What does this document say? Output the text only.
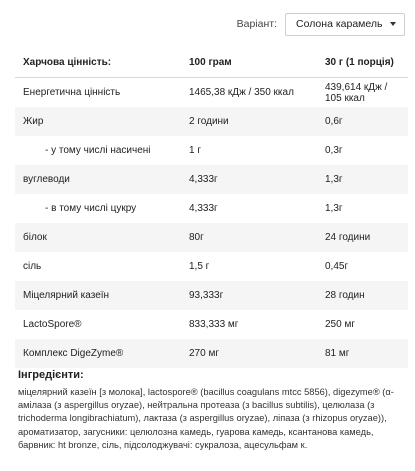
Варіант: Солона карамель
Харчова цінність:	100 грам	30 г (1 порція)
Енергетична цінність	1465,38 кДж / 350 ккал	439,614 кДж / 105 ккал
Жир	2 години	0,6г
- у тому числі насичені	1 г	0,3г
вуглеводи	4,333г	1,3г
- в тому числі цукру	4,333г	1,3г
білок	80г	24 години
сіль	1,5 г	0,45г
Міцелярний казеїн	93,333г	28 годин
LactoSpore®	833,333 мг	250 мг
Комплекс DigeZyme®	270 мг	81 мг
Інгредієнти:
міцелярний казеїн [з молока], lactospore® (bacillus coagulans mtcc 5856), digezyme® (α-амілаза (з aspergillus oryzae), нейтральна протеаза (з bacillus subtilis), целюлаза (з trichoderma longibrachiatum), лактаза (з aspergillus oryzae), ліпаза (з rhizopus oryzae)), ароматизатор, загусники: целюлозна камедь, гуарова камедь, ксантанова камедь, барвник: ht bronze, сіль, підсолоджувачі: сукралоза, ацесульфам к.
